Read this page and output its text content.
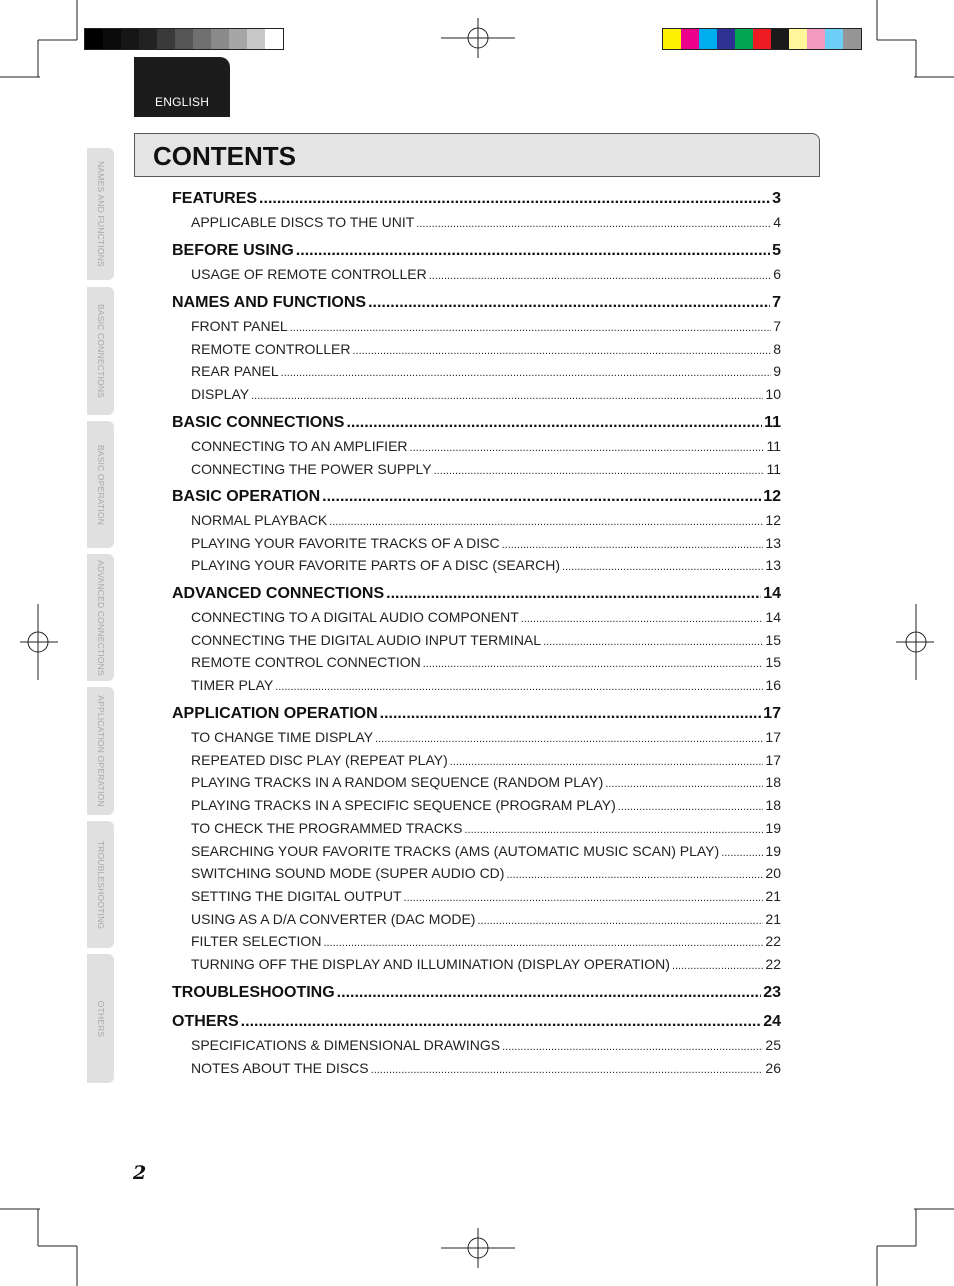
ENGLISH
CONTENTS
NAMES AND FUNCTIONS
BASIC CONNECTIONS
BASIC OPERATION
ADVANCED CONNECTIONS
APPLICATION OPERATION
TROUBLESHOOTING
OTHERS
FEATURES .....	3
APPLICABLE DISCS TO THE UNIT .....	4
BEFORE USING .....	5
USAGE OF REMOTE CONTROLLER .....	6
NAMES AND FUNCTIONS .....	7
FRONT PANEL .....	7
REMOTE CONTROLLER .....	8
REAR PANEL .....	9
DISPLAY .....	10
BASIC CONNECTIONS .....	11
CONNECTING TO AN AMPLIFIER .....	11
CONNECTING THE POWER SUPPLY .....	11
BASIC OPERATION .....	12
NORMAL PLAYBACK .....	12
PLAYING YOUR FAVORITE TRACKS OF A DISC .....	13
PLAYING YOUR FAVORITE PARTS OF A DISC (SEARCH) .....	13
ADVANCED CONNECTIONS .....	14
CONNECTING TO A DIGITAL AUDIO COMPONENT .....	14
CONNECTING THE DIGITAL AUDIO INPUT TERMINAL .....	15
REMOTE CONTROL CONNECTION .....	15
TIMER PLAY .....	16
APPLICATION OPERATION .....	17
TO CHANGE TIME DISPLAY .....	17
REPEATED DISC PLAY (REPEAT PLAY) .....	17
PLAYING TRACKS IN A RANDOM SEQUENCE (RANDOM PLAY) .....	18
PLAYING TRACKS IN A SPECIFIC SEQUENCE (PROGRAM PLAY) .....	18
TO CHECK THE PROGRAMMED TRACKS .....	19
SEARCHING YOUR FAVORITE TRACKS (AMS (AUTOMATIC MUSIC SCAN) PLAY) .....	19
SWITCHING SOUND MODE (SUPER AUDIO CD) .....	20
SETTING THE DIGITAL OUTPUT .....	21
USING AS A D/A CONVERTER (DAC MODE) .....	21
FILTER SELECTION .....	22
TURNING OFF THE DISPLAY AND ILLUMINATION (DISPLAY OPERATION) .....	22
TROUBLESHOOTING .....	23
OTHERS .....	24
SPECIFICATIONS & DIMENSIONAL DRAWINGS .....	25
NOTES ABOUT THE DISCS .....	26
2
